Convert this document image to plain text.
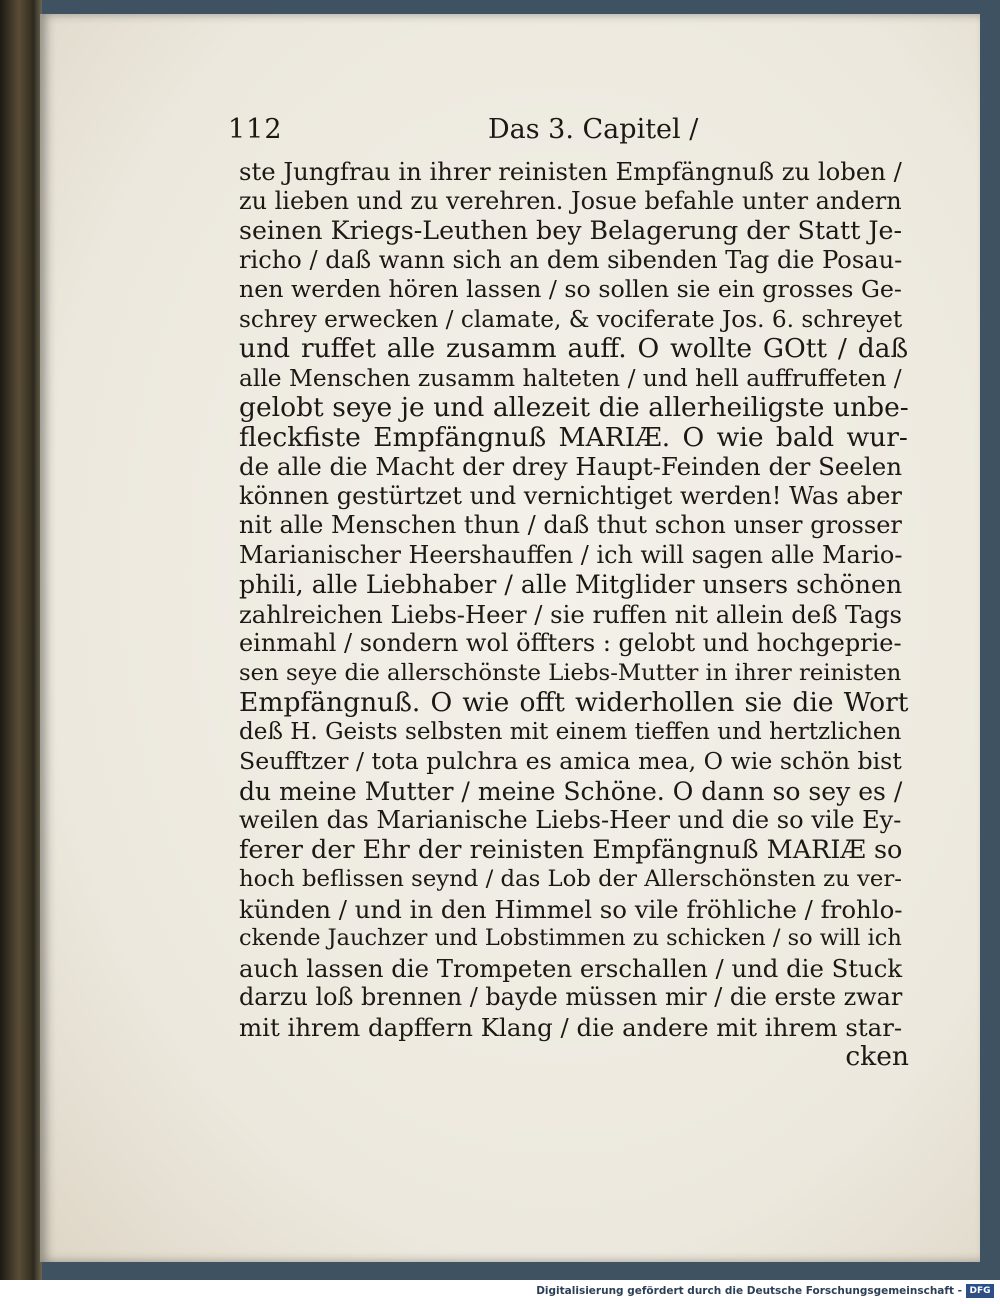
112	Das 3. Capitel /
ste Jungfrau in ihrer reinisten Empfängnuß zu loben /
zu lieben und zu verehren. Josue befahle unter andern
seinen Kriegs-Leuthen bey Belagerung der Statt Je-
richo / daß wann sich an dem sibenden Tag die Posau-
nen werden hören lassen / so sollen sie ein grosses Ge-
schrey erwecken / clamate, & vociferate Jos. 6. schreyet
und ruffet alle zusamm auff. O wollte GOtt / daß
alle Menschen zusamm halteten / und hell auffruffeten /
gelobt seye je und allezeit die allerheiligste unbe-
fleckfiste Empfängnuß MARIÆ. O wie bald wur-
de alle die Macht der drey Haupt-Feinden der Seelen
können gestürtzet und vernichtiget werden! Was aber
nit alle Menschen thun / daß thut schon unser grosser
Marianischer Heershauffen / ich will sagen alle Mario-
phili, alle Liebhaber / alle Mitglider unsers schönen
zahlreichen Liebs-Heer / sie ruffen nit allein deß Tags
einmahl / sondern wol öffters : gelobt und hochgeprie-
sen seye die allerschönste Liebs-Mutter in ihrer reinisten
Empfängnuß. O wie offt widerhollen sie die Wort
deß H. Geists selbsten mit einem tieffen und hertzlichen
Seufftzer / tota pulchra es amica mea, O wie schön bist
du meine Mutter / meine Schöne. O dann so sey es /
weilen das Marianische Liebs-Heer und die so vile Ey-
ferer der Ehr der reinisten Empfängnuß MARIÆ so
hoch beflissen seynd / das Lob der Allerschönsten zu ver-
künden / und in den Himmel so vile fröhliche / frohlo-
ckende Jauchzer und Lobstimmen zu schicken / so will ich
auch lassen die Trompeten erschallen / und die Stuck
darzu loß brennen / bayde müssen mir / die erste zwar
mit ihrem dapffern Klang / die andere mit ihrem star-
cken
Digitalisierung gefördert durch die Deutsche Forschungsgemeinschaft - DFG
